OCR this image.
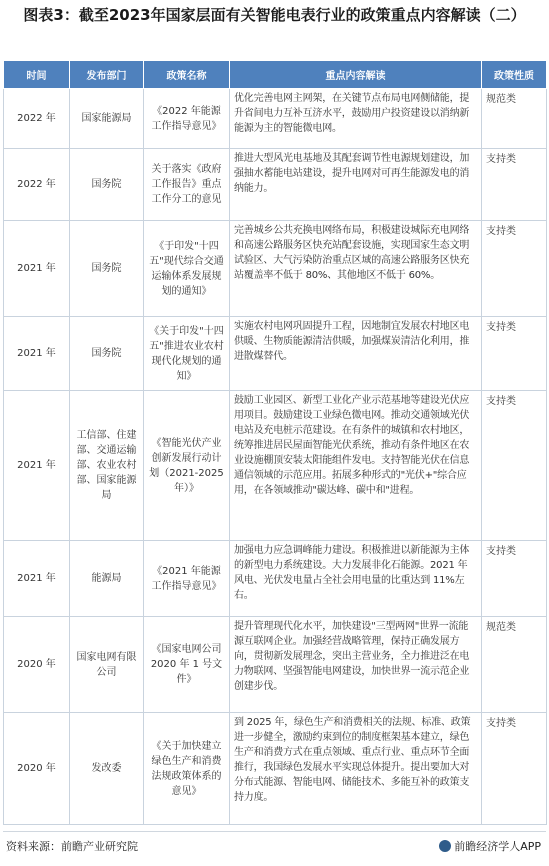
图表3：截至2023年国家层面有关智能电表行业的政策重点内容解读（二）
时间	发布部门	政策名称	重点内容解读	政策性质
2022 年	国家能源局	《2022 年能源工作指导意见》	优化完善电网主网架，在关键节点布局电网侧储能，提升省间电力互补互济水平，鼓励用户投资建设以消纳新能源为主的智能微电网。	规范类
2022 年	国务院	关于落实《政府工作报告》重点工作分工的意见	推进大型风光电基地及其配套调节性电源规划建设，加强抽水蓄能电站建设，提升电网对可再生能源发电的消纳能力。	支持类
2021 年	国务院	《于印发"十四五"现代综合交通运输体系发展规划的通知》	完善城乡公共充换电网络布局，积极建设城际充电网络和高速公路服务区快充站配套设施，实现国家生态文明试验区、大气污染防治重点区域的高速公路服务区快充站覆盖率不低于 80%、其他地区不低于 60%。	支持类
2021 年	国务院	《关于印发"十四五"推进农业农村现代化规划的通知》	实施农村电网巩固提升工程，因地制宜发展农村地区电供暖、生物质能源清洁供暖，加强煤炭清洁化利用，推进散煤替代。	支持类
2021 年	工信部、住建部、交通运输部、农业农村部、国家能源局	《智能光伏产业创新发展行动计划（2021-2025 年）》	鼓励工业园区、新型工业化产业示范基地等建设光伏应用项目。鼓励建设工业绿色微电网。推动交通领域光伏电站及充电桩示范建设。在有条件的城镇和农村地区，统筹推进居民屋面智能光伏系统，推动有条件地区在农业设施棚顶安装太阳能组件发电。支持智能光伏在信息通信领域的示范应用。拓展多种形式的"光伏+"综合应用，在各领域推动"碳达峰、碳中和"进程。	支持类
2021 年	能源局	《2021 年能源工作指导意见》	加强电力应急调峰能力建设。积极推进以新能源为主体的新型电力系统建设。大力发展非化石能源。2021 年风电、光伏发电量占全社会用电量的比重达到 11%左右。	支持类
2020 年	国家电网有限公司	《国家电网公司 2020 年 1 号文件》	提升管理现代化水平，加快建设"三型两网"世界一流能源互联网企业。加强经营战略管理，保持正确发展方向，贯彻新发展理念，突出主营业务，全力推进泛在电力物联网、坚强智能电网建设，加快世界一流示范企业创建步伐。	规范类
2020 年	发改委	《关于加快建立绿色生产和消费法规政策体系的意见》	到 2025 年，绿色生产和消费相关的法规、标准、政策进一步健全，激励约束到位的制度框架基本建立，绿色生产和消费方式在重点领域、重点行业、重点环节全面推行，我国绿色发展水平实现总体提升。提出要加大对分布式能源、智能电网、储能技术、多能互补的政策支持力度。	支持类
资料来源：前瞻产业研究院	前瞻经济学人APP
